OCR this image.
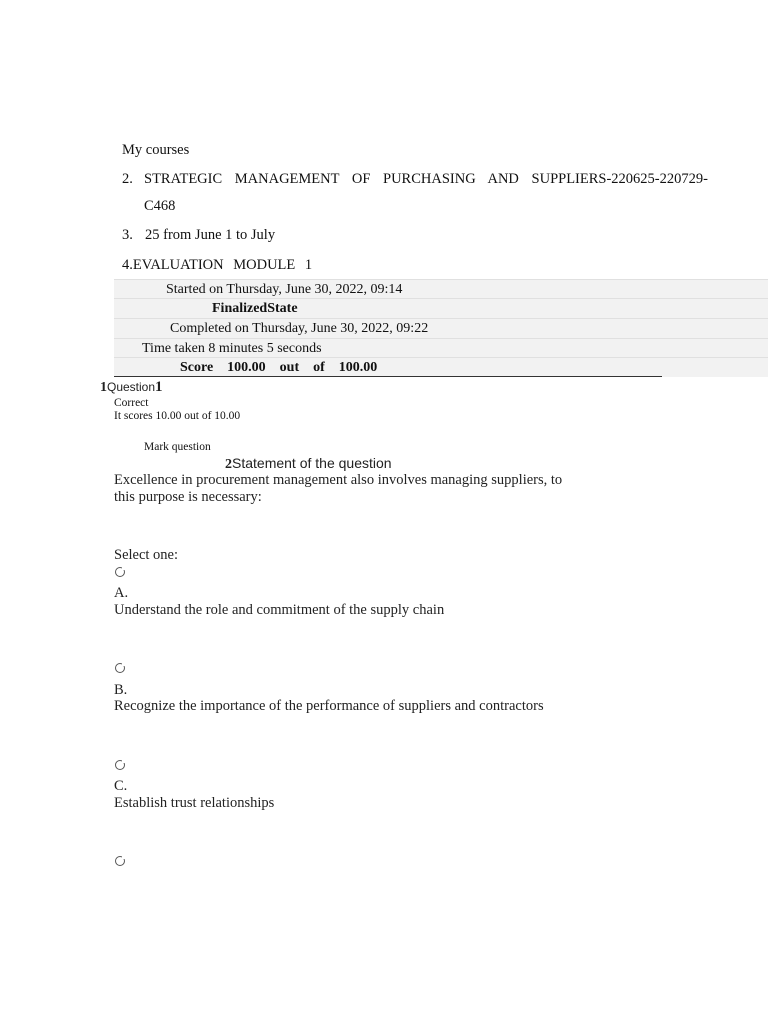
My courses
2. STRATEGIC MANAGEMENT OF PURCHASING AND SUPPLIERS-220625-220729-
C468
3. 25 from June 1 to July
4.EVALUATION MODULE 1
Started on Thursday, June 30, 2022, 09:14
FinalizedState
Completed on Thursday, June 30, 2022, 09:22
Time taken 8 minutes 5 seconds
Score    100.00    out    of    100.00
1Question1
Correct
It scores 10.00 out of 10.00
Mark question
2Statement of the question
Excellence in procurement management also involves managing suppliers, to
this purpose is necessary:
Select one:
A.
Understand the role and commitment of the supply chain
B.
Recognize the importance of the performance of suppliers and contractors
C.
Establish trust relationships
